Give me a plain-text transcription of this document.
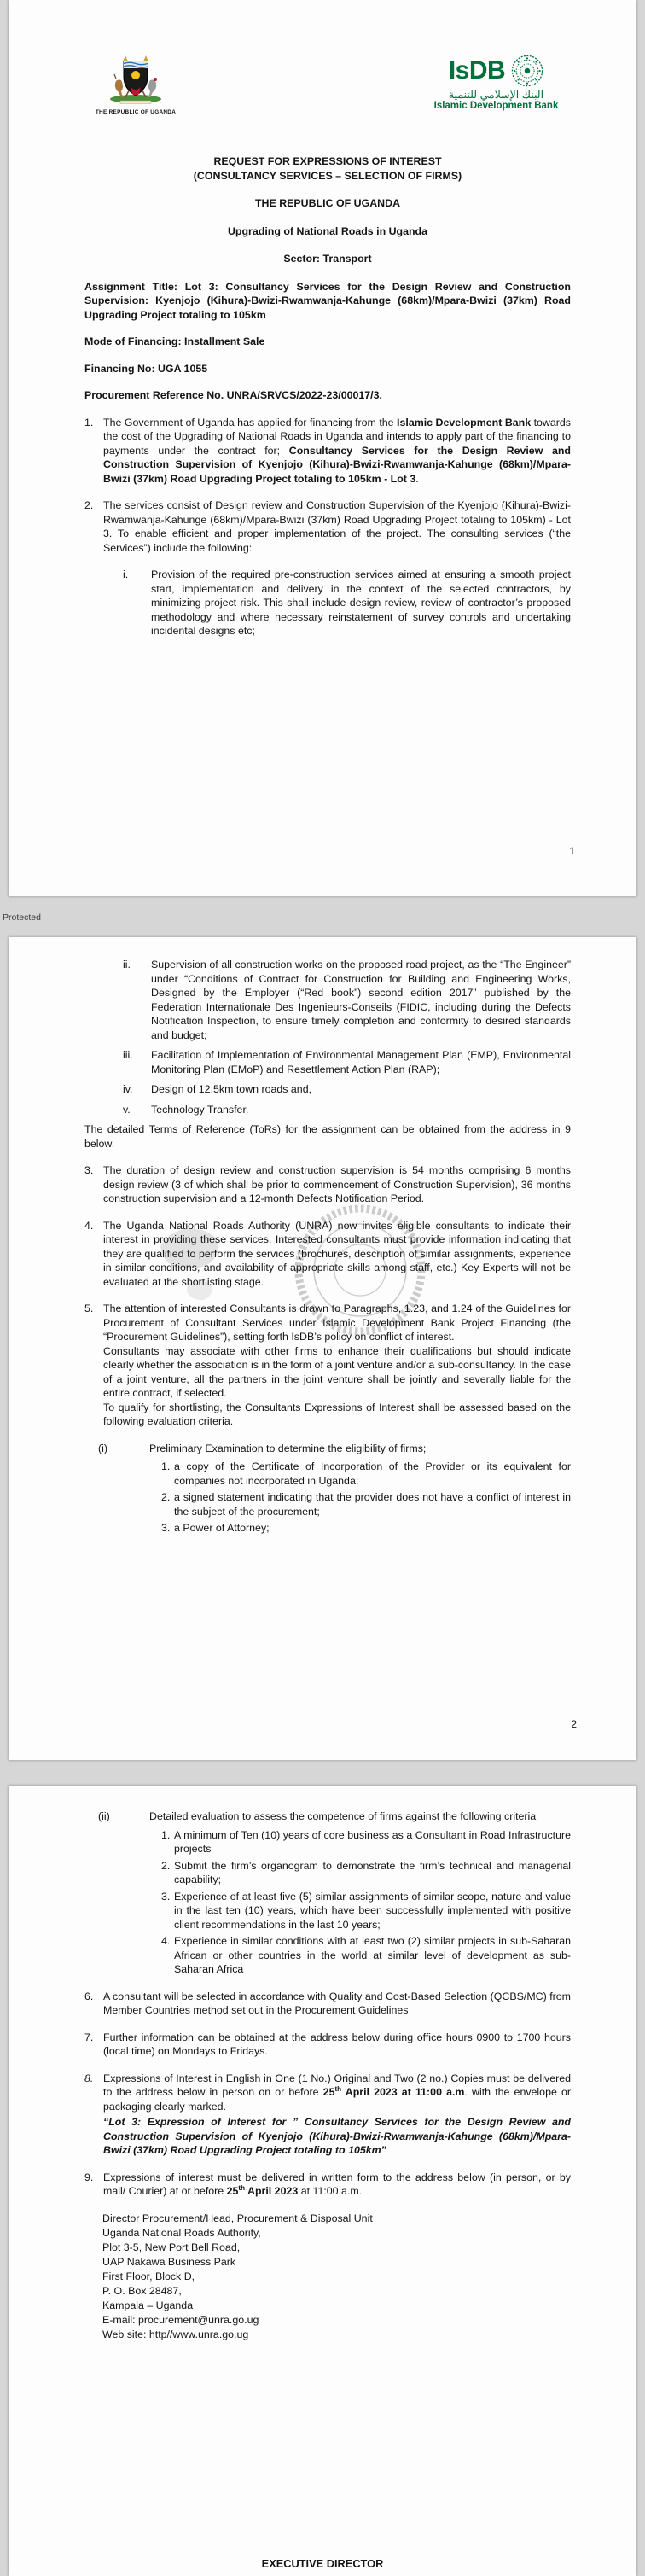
THE REPUBLIC OF UGANDA
IsDB
البنك الإسلامي للتنمية
Islamic Development Bank
REQUEST FOR EXPRESSIONS OF INTEREST
(CONSULTANCY SERVICES – SELECTION OF FIRMS)
THE REPUBLIC OF UGANDA
Upgrading of National Roads in Uganda
Sector: Transport
Assignment Title: Lot 3: Consultancy Services for the Design Review and Construction Supervision: Kyenjojo (Kihura)-Bwizi-Rwamwanja-Kahunge (68km)/Mpara-Bwizi (37km) Road Upgrading Project totaling to 105km
Mode of Financing: Installment Sale
Financing No: UGA 1055
Procurement Reference No. UNRA/SRVCS/2022-23/00017/3.
1. The Government of Uganda has applied for financing from the Islamic Development Bank towards the cost of the Upgrading of National Roads in Uganda and intends to apply part of the financing to payments under the contract for; Consultancy Services for the Design Review and Construction Supervision of Kyenjojo (Kihura)-Bwizi-Rwamwanja-Kahunge (68km)/Mpara-Bwizi (37km) Road Upgrading Project totaling to 105km - Lot 3.
2. The services consist of Design review and Construction Supervision of the Kyenjojo (Kihura)-Bwizi-Rwamwanja-Kahunge (68km)/Mpara-Bwizi (37km) Road Upgrading Project totaling to 105km) - Lot 3. To enable efficient and proper implementation of the project. The consulting services (“the Services”) include the following:
i. Provision of the required pre-construction services aimed at ensuring a smooth project start, implementation and delivery in the context of the selected contractors, by minimizing project risk. This shall include design review, review of contractor’s proposed methodology and where necessary reinstatement of survey controls and undertaking incidental designs etc;
1
Protected
ii. Supervision of all construction works on the proposed road project, as the “The Engineer” under “Conditions of Contract for Construction for Building and Engineering Works, Designed by the Employer (“Red book”) second edition 2017” published by the Federation Internationale Des Ingenieurs-Conseils (FIDIC, including during the Defects Notification Inspection, to ensure timely completion and conformity to desired standards and budget;
iii. Facilitation of Implementation of Environmental Management Plan (EMP), Environmental Monitoring Plan (EMoP) and Resettlement Action Plan (RAP);
iv. Design of 12.5km town roads and,
v. Technology Transfer.
The detailed Terms of Reference (ToRs) for the assignment can be obtained from the address in 9 below.
3. The duration of design review and construction supervision is 54 months comprising 6 months design review (3 of which shall be prior to commencement of Construction Supervision), 36 months construction supervision and a 12-month Defects Notification Period.
4. The Uganda National Roads Authority (UNRA) now invites eligible consultants to indicate their interest in providing these services. Interested consultants must provide information indicating that they are qualified to perform the services (brochures, description of similar assignments, experience in similar conditions, and availability of appropriate skills among staff, etc.) Key Experts will not be evaluated at the shortlisting stage.
5. The attention of interested Consultants is drawn to Paragraphs, 1.23, and 1.24 of the Guidelines for Procurement of Consultant Services under Islamic Development Bank Project Financing (the “Procurement Guidelines”), setting forth IsDB’s policy on conflict of interest.
Consultants may associate with other firms to enhance their qualifications but should indicate clearly whether the association is in the form of a joint venture and/or a sub-consultancy. In the case of a joint venture, all the partners in the joint venture shall be jointly and severally liable for the entire contract, if selected.
To qualify for shortlisting, the Consultants Expressions of Interest shall be assessed based on the following evaluation criteria.
(i)	Preliminary Examination to determine the eligibility of firms;
1. a copy of the Certificate of Incorporation of the Provider or its equivalent for companies not incorporated in Uganda;
2. a signed statement indicating that the provider does not have a conflict of interest in the subject of the procurement;
3. a Power of Attorney;
2
(ii)	Detailed evaluation to assess the competence of firms against the following criteria
1. A minimum of Ten (10) years of core business as a Consultant in Road Infrastructure projects
2. Submit the firm’s organogram to demonstrate the firm’s technical and managerial capability;
3. Experience of at least five (5) similar assignments of similar scope, nature and value in the last ten (10) years, which have been successfully implemented with positive client recommendations in the last 10 years;
4. Experience in similar conditions with at least two (2) similar projects in sub-Saharan African or other countries in the world at similar level of development as sub-Saharan Africa
6. A consultant will be selected in accordance with Quality and Cost-Based Selection (QCBS/MC) from Member Countries method set out in the Procurement Guidelines
7. Further information can be obtained at the address below during office hours 0900 to 1700 hours (local time) on Mondays to Fridays.
8. Expressions of Interest in English in One (1 No.) Original and Two (2 no.) Copies must be delivered to the address below in person on or before 25th April 2023 at 11:00 a.m. with the envelope or packaging clearly marked.
“Lot 3: Expression of Interest for ” Consultancy Services for the Design Review and Construction Supervision of Kyenjojo (Kihura)-Bwizi-Rwamwanja-Kahunge (68km)/Mpara-Bwizi (37km) Road Upgrading Project totaling to 105km”
9. Expressions of interest must be delivered in written form to the address below (in person, or by mail/ Courier) at or before 25th April 2023 at 11:00 a.m.
Director Procurement/Head, Procurement & Disposal Unit
Uganda National Roads Authority,
Plot 3-5, New Port Bell Road,
UAP Nakawa Business Park
First Floor, Block D,
P. O. Box 28487,
Kampala – Uganda
E-mail: procurement@unra.go.ug
Web site: http//www.unra.go.ug
EXECUTIVE DIRECTOR
